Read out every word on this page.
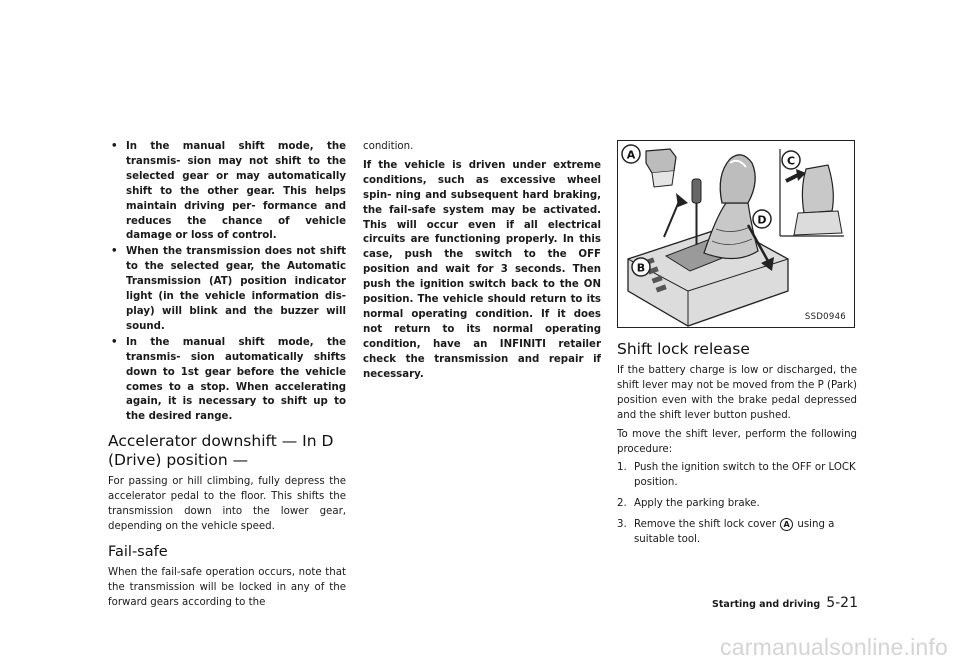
• In the manual shift mode, the transmis- sion may not shift to the selected gear or may automatically shift to the other gear. This helps maintain driving per- formance and reduces the chance of vehicle damage or loss of control.
• When the transmission does not shift to the selected gear, the Automatic Transmission (AT) position indicator light (in the vehicle information dis- play) will blink and the buzzer will sound.
• In the manual shift mode, the transmis- sion automatically shifts down to 1st gear before the vehicle comes to a stop. When accelerating again, it is necessary to shift up to the desired range.
Accelerator downshift — In D (Drive) position —

For passing or hill climbing, fully depress the accelerator pedal to the floor. This shifts the transmission down into the lower gear, depending on the vehicle speed.

Fail-safe

When the fail-safe operation occurs, note that the transmission will be locked in any of the forward gears according to the

condition.

If the vehicle is driven under extreme conditions, such as excessive wheel spin- ning and subsequent hard braking, the fail-safe system may be activated. This will occur even if all electrical circuits are functioning properly. In this case, push the switch to the OFF position and wait for 3 seconds. Then push the ignition switch back to the ON position. The vehicle should return to its normal operating condition. If it does not return to its normal operating condition, have an INFINITI retailer check the transmission and repair if necessary.

A
B
C
D
SSD0946
Shift lock release

If the battery charge is low or discharged, the shift lever may not be moved from the P (Park) position even with the brake pedal depressed and the shift lever button pushed.

To move the shift lever, perform the following procedure:

1. Push the ignition switch to the OFF or LOCK position.
2. Apply the parking brake.
3. Remove the shift lock cover A using a suitable tool.
Starting and driving 5-21
carmanualsonline.info
